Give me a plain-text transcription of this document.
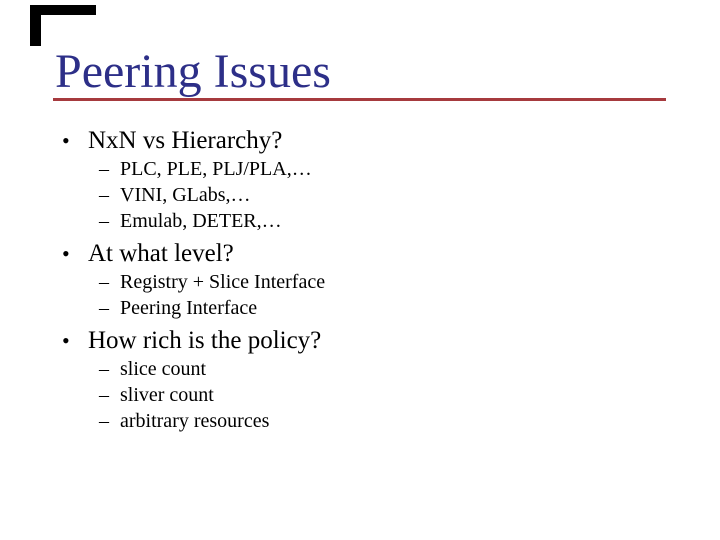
Peering Issues
• NxN vs Hierarchy?
– PLC, PLE, PLJ/PLA,…
– VINI, GLabs,…
– Emulab, DETER,…
• At what level?
– Registry + Slice Interface
– Peering Interface
• How rich is the policy?
– slice count
– sliver count
– arbitrary resources
